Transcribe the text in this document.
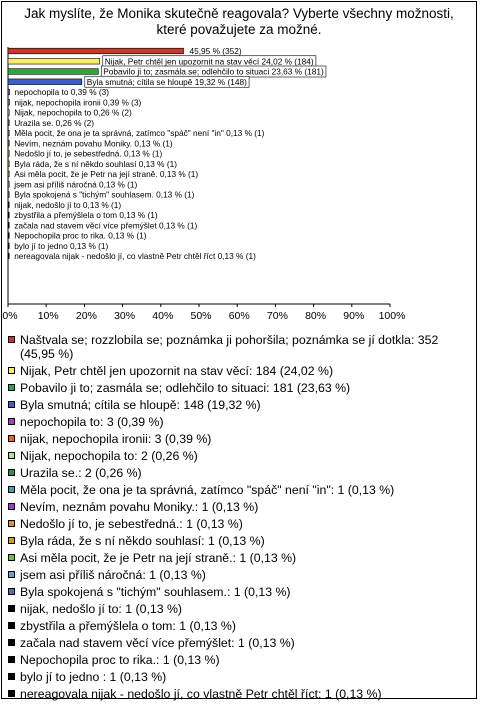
Jak myslíte, že Monika skutečně reagovala? Vyberte všechny možnosti, které považujete za možné.
45,95 % (352)
Nijak, Petr chtěl jen upozornit na stav věcí 24,02 % (184)
Pobavilo ji to; zasmála se; odlehčilo to situaci 23,63 % (181)
Byla smutná; cítila se hloupě 19,32 % (148)
nepochopila to 0,39 % (3)
nijak, nepochopila ironii 0,39 % (3)
Nijak, nepochopila to 0,26 % (2)
Urazila se. 0,26 % (2)
Měla pocit, že ona je ta správná, zatímco "spáč" není "in" 0,13 % (1)
Nevím, neznám povahu Moniky. 0,13 % (1)
Nedošlo jí to, je sebestředná. 0,13 % (1)
Byla ráda, že s ní někdo souhlasí 0,13 % (1)
Asi měla pocit, že je Petr na její straně. 0,13 % (1)
jsem asi příliš náročná 0,13 % (1)
Byla spokojená s "tichým" souhlasem. 0,13 % (1)
nijak, nedošlo jí to 0,13 % (1)
zbystřila a přemýšlela o tom 0,13 % (1)
začala nad stavem věcí více přemýšlet 0,13 % (1)
Nepochopila proc to rika. 0,13 % (1)
bylo jí to jedno 0,13 % (1)
nereagovala nijak - nedošlo jí, co vlastně Petr chtěl říct 0,13 % (1)
0% 10% 20% 30% 40% 50% 60% 70% 80% 90% 100%
Naštvala se; rozzlobila se; poznámka ji pohoršila; poznámka se jí dotkla: 352 (45,95 %)
Nijak, Petr chtěl jen upozornit na stav věcí: 184 (24,02 %)
Pobavilo ji to; zasmála se; odlehčilo to situaci: 181 (23,63 %)
Byla smutná; cítila se hloupě: 148 (19,32 %)
nepochopila to: 3 (0,39 %)
nijak, nepochopila ironii: 3 (0,39 %)
Nijak, nepochopila to: 2 (0,26 %)
Urazila se.: 2 (0,26 %)
Měla pocit, že ona je ta správná, zatímco "spáč" není "in": 1 (0,13 %)
Nevím, neznám povahu Moniky.: 1 (0,13 %)
Nedošlo jí to, je sebestředná.: 1 (0,13 %)
Byla ráda, že s ní někdo souhlasí: 1 (0,13 %)
Asi měla pocit, že je Petr na její straně.: 1 (0,13 %)
jsem asi příliš náročná: 1 (0,13 %)
Byla spokojená s "tichým" souhlasem.: 1 (0,13 %)
nijak, nedošlo jí to: 1 (0,13 %)
zbystřila a přemýšlela o tom: 1 (0,13 %)
začala nad stavem věcí více přemýšlet: 1 (0,13 %)
Nepochopila proc to rika.: 1 (0,13 %)
bylo jí to jedno : 1 (0,13 %)
nereagovala nijak - nedošlo jí, co vlastně Petr chtěl říct: 1 (0,13 %)
